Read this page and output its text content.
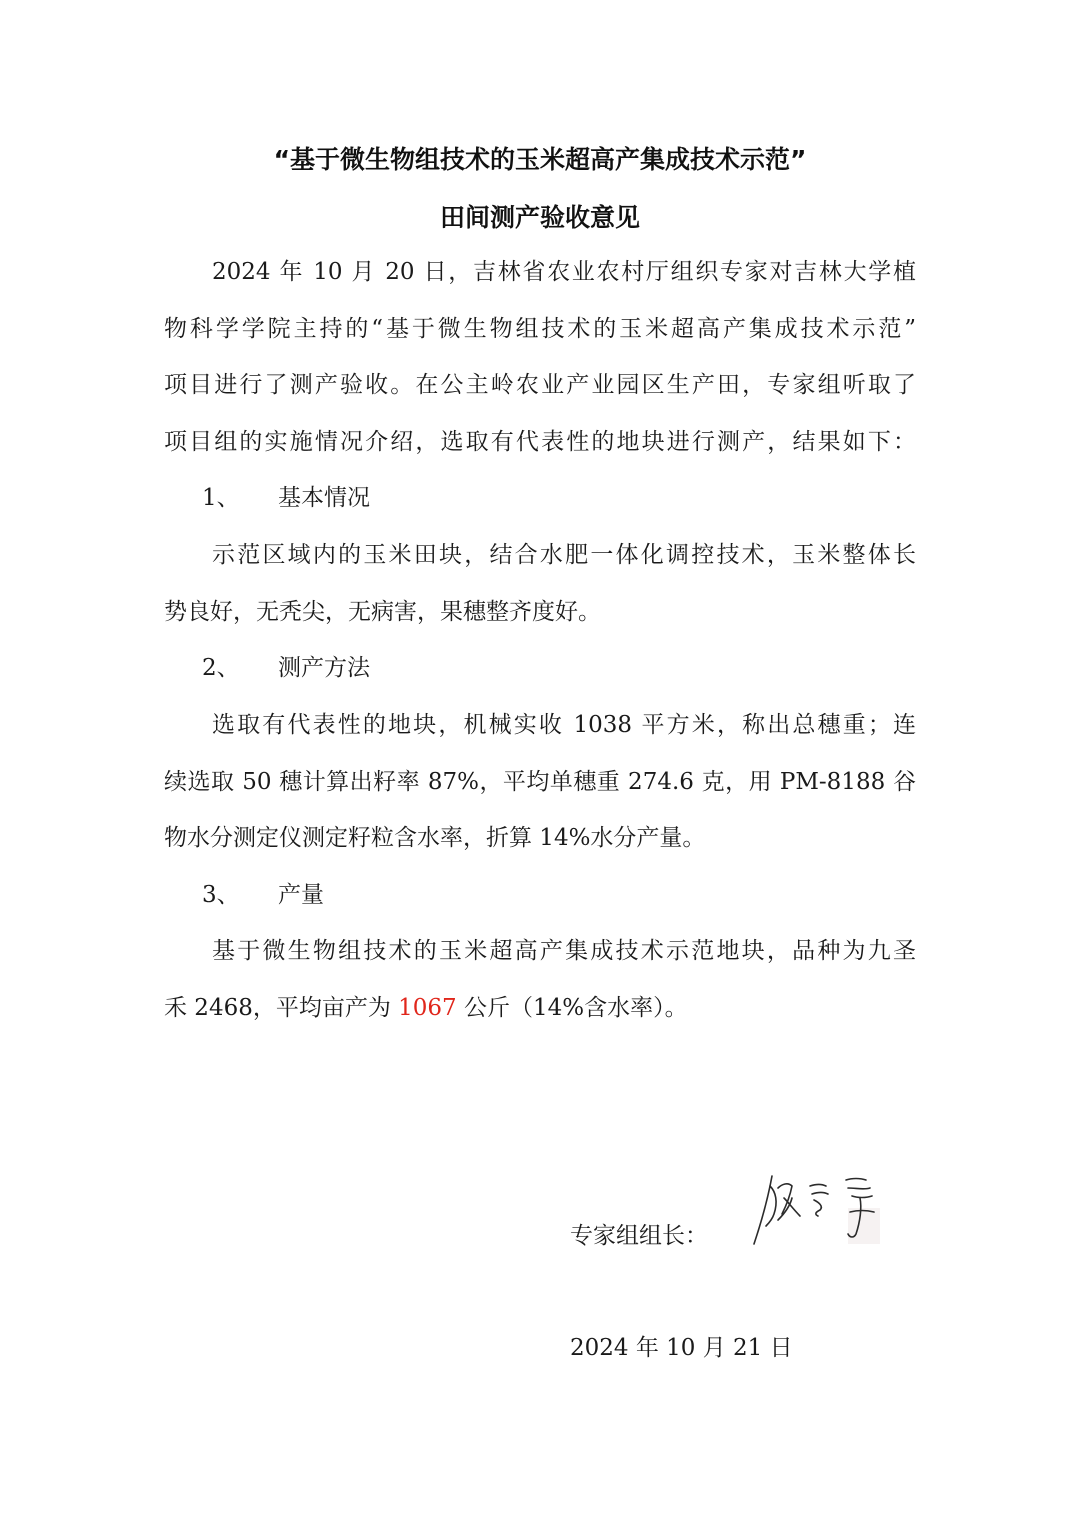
“基于微生物组技术的玉米超高产集成技术示范”
田间测产验收意见
2024 年 10 月 20 日，吉林省农业农村厅组织专家对吉林大学植
物科学学院主持的“基于微生物组技术的玉米超高产集成技术示范”
项目进行了测产验收。在公主岭农业产业园区生产田，专家组听取了
项目组的实施情况介绍，选取有代表性的地块进行测产，结果如下：
1、 基本情况
示范区域内的玉米田块，结合水肥一体化调控技术，玉米整体长
势良好，无秃尖，无病害，果穗整齐度好。
2、 测产方法
选取有代表性的地块，机械实收 1038 平方米，称出总穗重；连
续选取 50 穗计算出籽率 87%，平均单穗重 274.6 克，用 PM-8188 谷
物水分测定仪测定籽粒含水率，折算 14%水分产量。
3、 产量
基于微生物组技术的玉米超高产集成技术示范地块，品种为九圣
禾 2468，平均亩产为 1067 公斤（14%含水率）。
专家组组长：
2024 年 10 月 21 日
